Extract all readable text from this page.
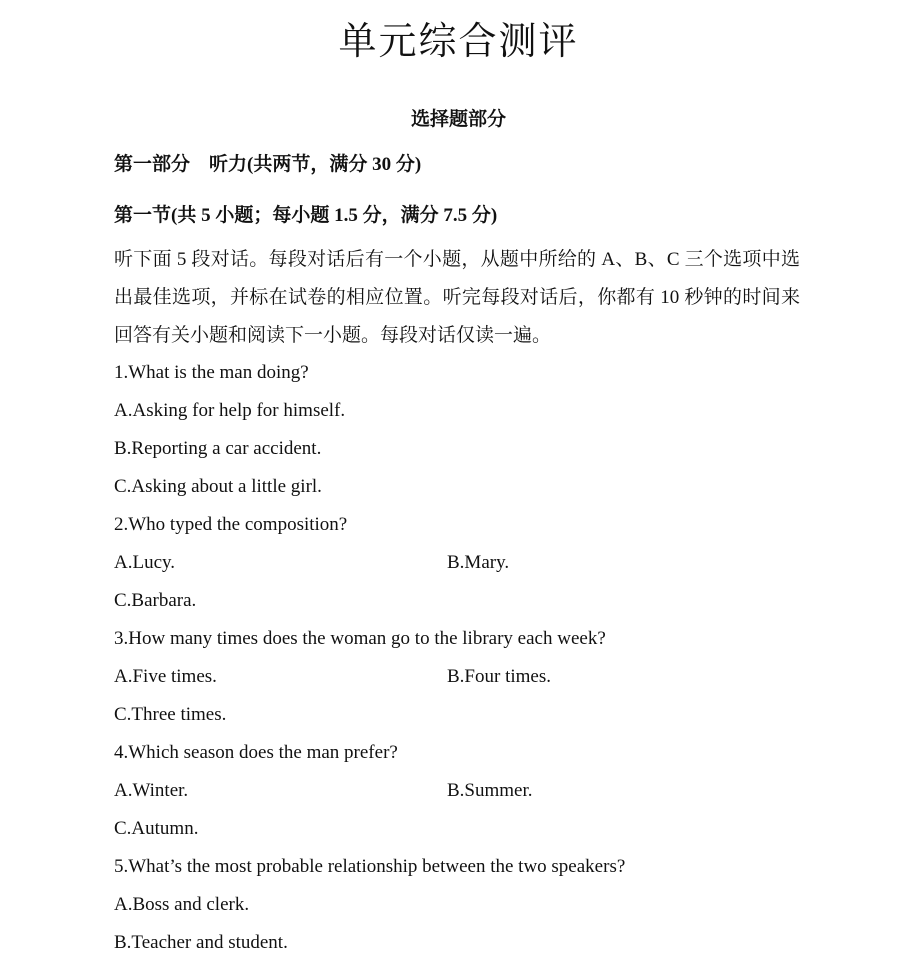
单元综合测评
选择题部分
第一部分　听力(共两节，满分 30 分)
第一节(共 5 小题；每小题 1.5 分，满分 7.5 分)
听下面 5 段对话。每段对话后有一个小题，从题中所给的 A、B、C 三个选项中选出最佳选项，并标在试卷的相应位置。听完每段对话后，你都有 10 秒钟的时间来回答有关小题和阅读下一小题。每段对话仅读一遍。
1.What is the man doing?
A.Asking for help for himself.
B.Reporting a car accident.
C.Asking about a little girl.
2.Who typed the composition?
A.Lucy.	B.Mary.
C.Barbara.
3.How many times does the woman go to the library each week?
A.Five times.	B.Four times.
C.Three times.
4.Which season does the man prefer?
A.Winter.	B.Summer.
C.Autumn.
5.What’s the most probable relationship between the two speakers?
A.Boss and clerk.
B.Teacher and student.
